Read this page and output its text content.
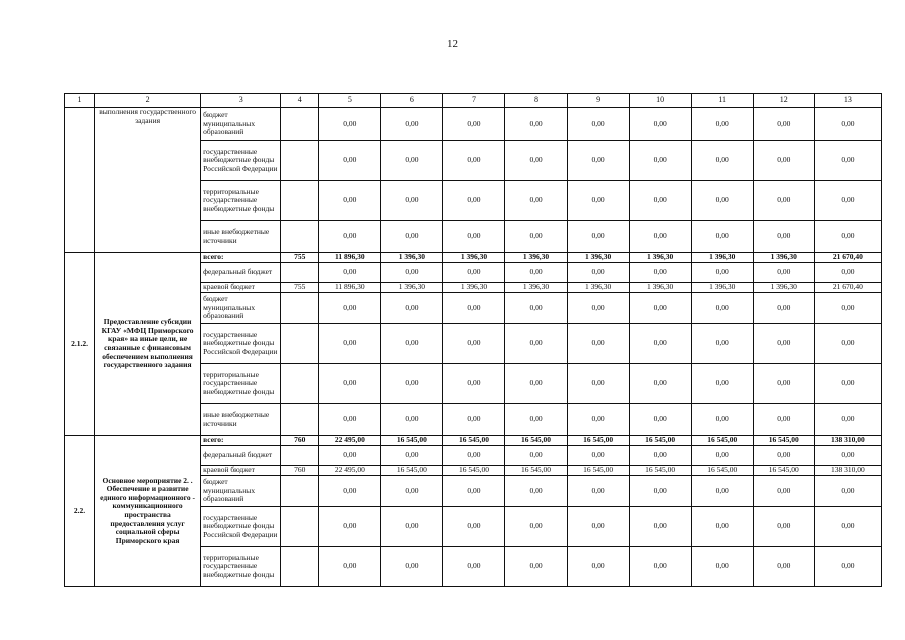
12
1	2	3	4	5	6	7	8	9	10	11	12	13
	выполнения государственного задания	бюджет муниципальных образований		0,00	0,00	0,00	0,00	0,00	0,00	0,00	0,00	0,00
		государственные внебюджетные фонды Российской Федерации		0,00	0,00	0,00	0,00	0,00	0,00	0,00	0,00	0,00
		территориальные государственные внебюджетные фонды		0,00	0,00	0,00	0,00	0,00	0,00	0,00	0,00	0,00
		иные внебюджетные источники		0,00	0,00	0,00	0,00	0,00	0,00	0,00	0,00	0,00
2.1.2.	Предоставление субсидии КГАУ «МФЦ Приморского края» на иные цели, не связанные с финансовым обеспечением выполнения государственного задания	всего:	755	11 896,30	1 396,30	1 396,30	1 396,30	1 396,30	1 396,30	1 396,30	1 396,30	21 670,40
		федеральный бюджет		0,00	0,00	0,00	0,00	0,00	0,00	0,00	0,00	0,00
		краевой бюджет	755	11 896,30	1 396,30	1 396,30	1 396,30	1 396,30	1 396,30	1 396,30	1 396,30	21 670,40
		бюджет муниципальных образований		0,00	0,00	0,00	0,00	0,00	0,00	0,00	0,00	0,00
		государственные внебюджетные фонды Российской Федерации		0,00	0,00	0,00	0,00	0,00	0,00	0,00	0,00	0,00
		территориальные государственные внебюджетные фонды		0,00	0,00	0,00	0,00	0,00	0,00	0,00	0,00	0,00
		иные внебюджетные источники		0,00	0,00	0,00	0,00	0,00	0,00	0,00	0,00	0,00
2.2.	Основное мероприятие 2. . Обеспечение и развитие единого информационного - коммуникационного пространства предоставления услуг социальной сферы Приморского края	всего:	760	22 495,00	16 545,00	16 545,00	16 545,00	16 545,00	16 545,00	16 545,00	16 545,00	138 310,00
		федеральный бюджет		0,00	0,00	0,00	0,00	0,00	0,00	0,00	0,00	0,00
		краевой бюджет	760	22 495,00	16 545,00	16 545,00	16 545,00	16 545,00	16 545,00	16 545,00	16 545,00	138 310,00
		бюджет муниципальных образований		0,00	0,00	0,00	0,00	0,00	0,00	0,00	0,00	0,00
		государственные внебюджетные фонды Российской Федерации		0,00	0,00	0,00	0,00	0,00	0,00	0,00	0,00	0,00
		территориальные государственные внебюджетные фонды		0,00	0,00	0,00	0,00	0,00	0,00	0,00	0,00	0,00
